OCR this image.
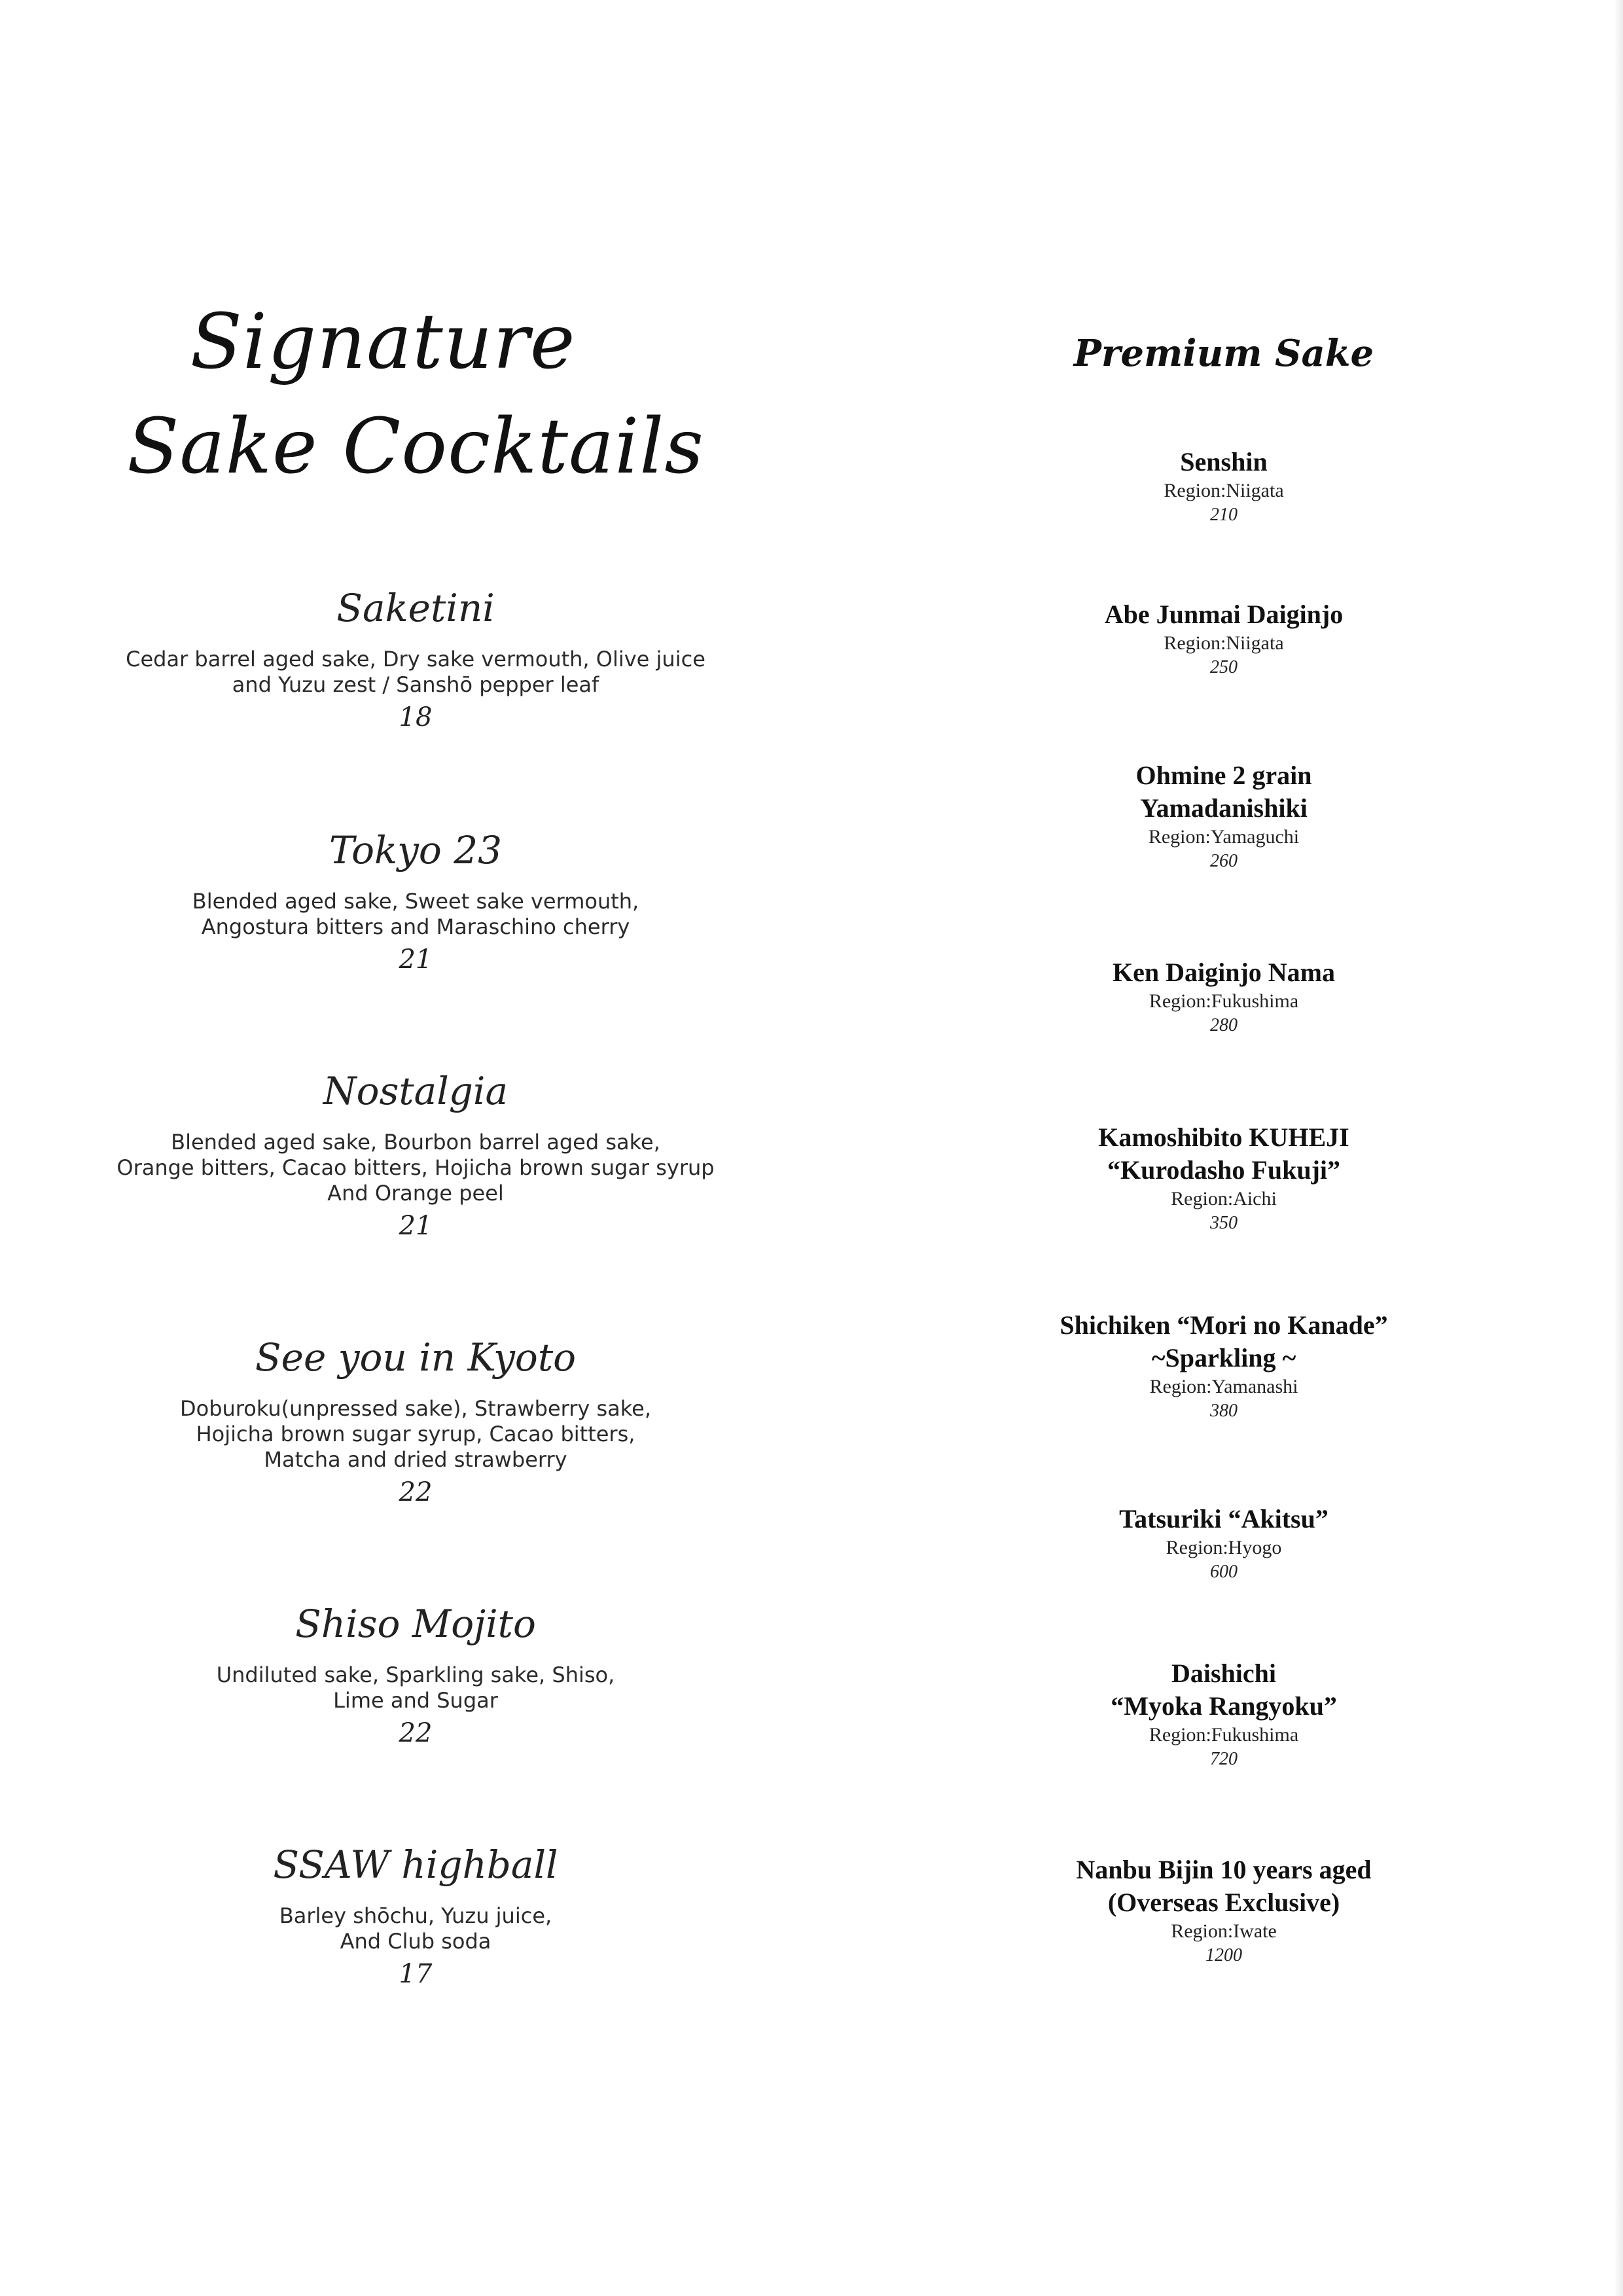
Signature
Sake Cocktails
Saketini
Cedar barrel aged sake, Dry sake vermouth, Olive juice
and Yuzu zest / Sanshō pepper leaf
18
Tokyo 23
Blended aged sake, Sweet sake vermouth,
Angostura bitters and Maraschino cherry
21
Nostalgia
Blended aged sake, Bourbon barrel aged sake,
Orange bitters, Cacao bitters, Hojicha brown sugar syrup
And Orange peel
21
See you in Kyoto
Doburoku(unpressed sake), Strawberry sake,
Hojicha brown sugar syrup, Cacao bitters,
Matcha and dried strawberry
22
Shiso Mojito
Undiluted sake, Sparkling sake, Shiso,
Lime and Sugar
22
SSAW highball
Barley shōchu, Yuzu juice,
And Club soda
17
Premium Sake
Senshin
Region:Niigata
210
Abe Junmai Daiginjo
Region:Niigata
250
Ohmine 2 grain
Yamadanishiki
Region:Yamaguchi
260
Ken Daiginjo Nama
Region:Fukushima
280
Kamoshibito KUHEJI
“Kurodasho Fukuji”
Region:Aichi
350
Shichiken “Mori no Kanade”
~Sparkling ~
Region:Yamanashi
380
Tatsuriki “Akitsu”
Region:Hyogo
600
Daishichi
“Myoka Rangyoku”
Region:Fukushima
720
Nanbu Bijin 10 years aged
(Overseas Exclusive)
Region:Iwate
1200
